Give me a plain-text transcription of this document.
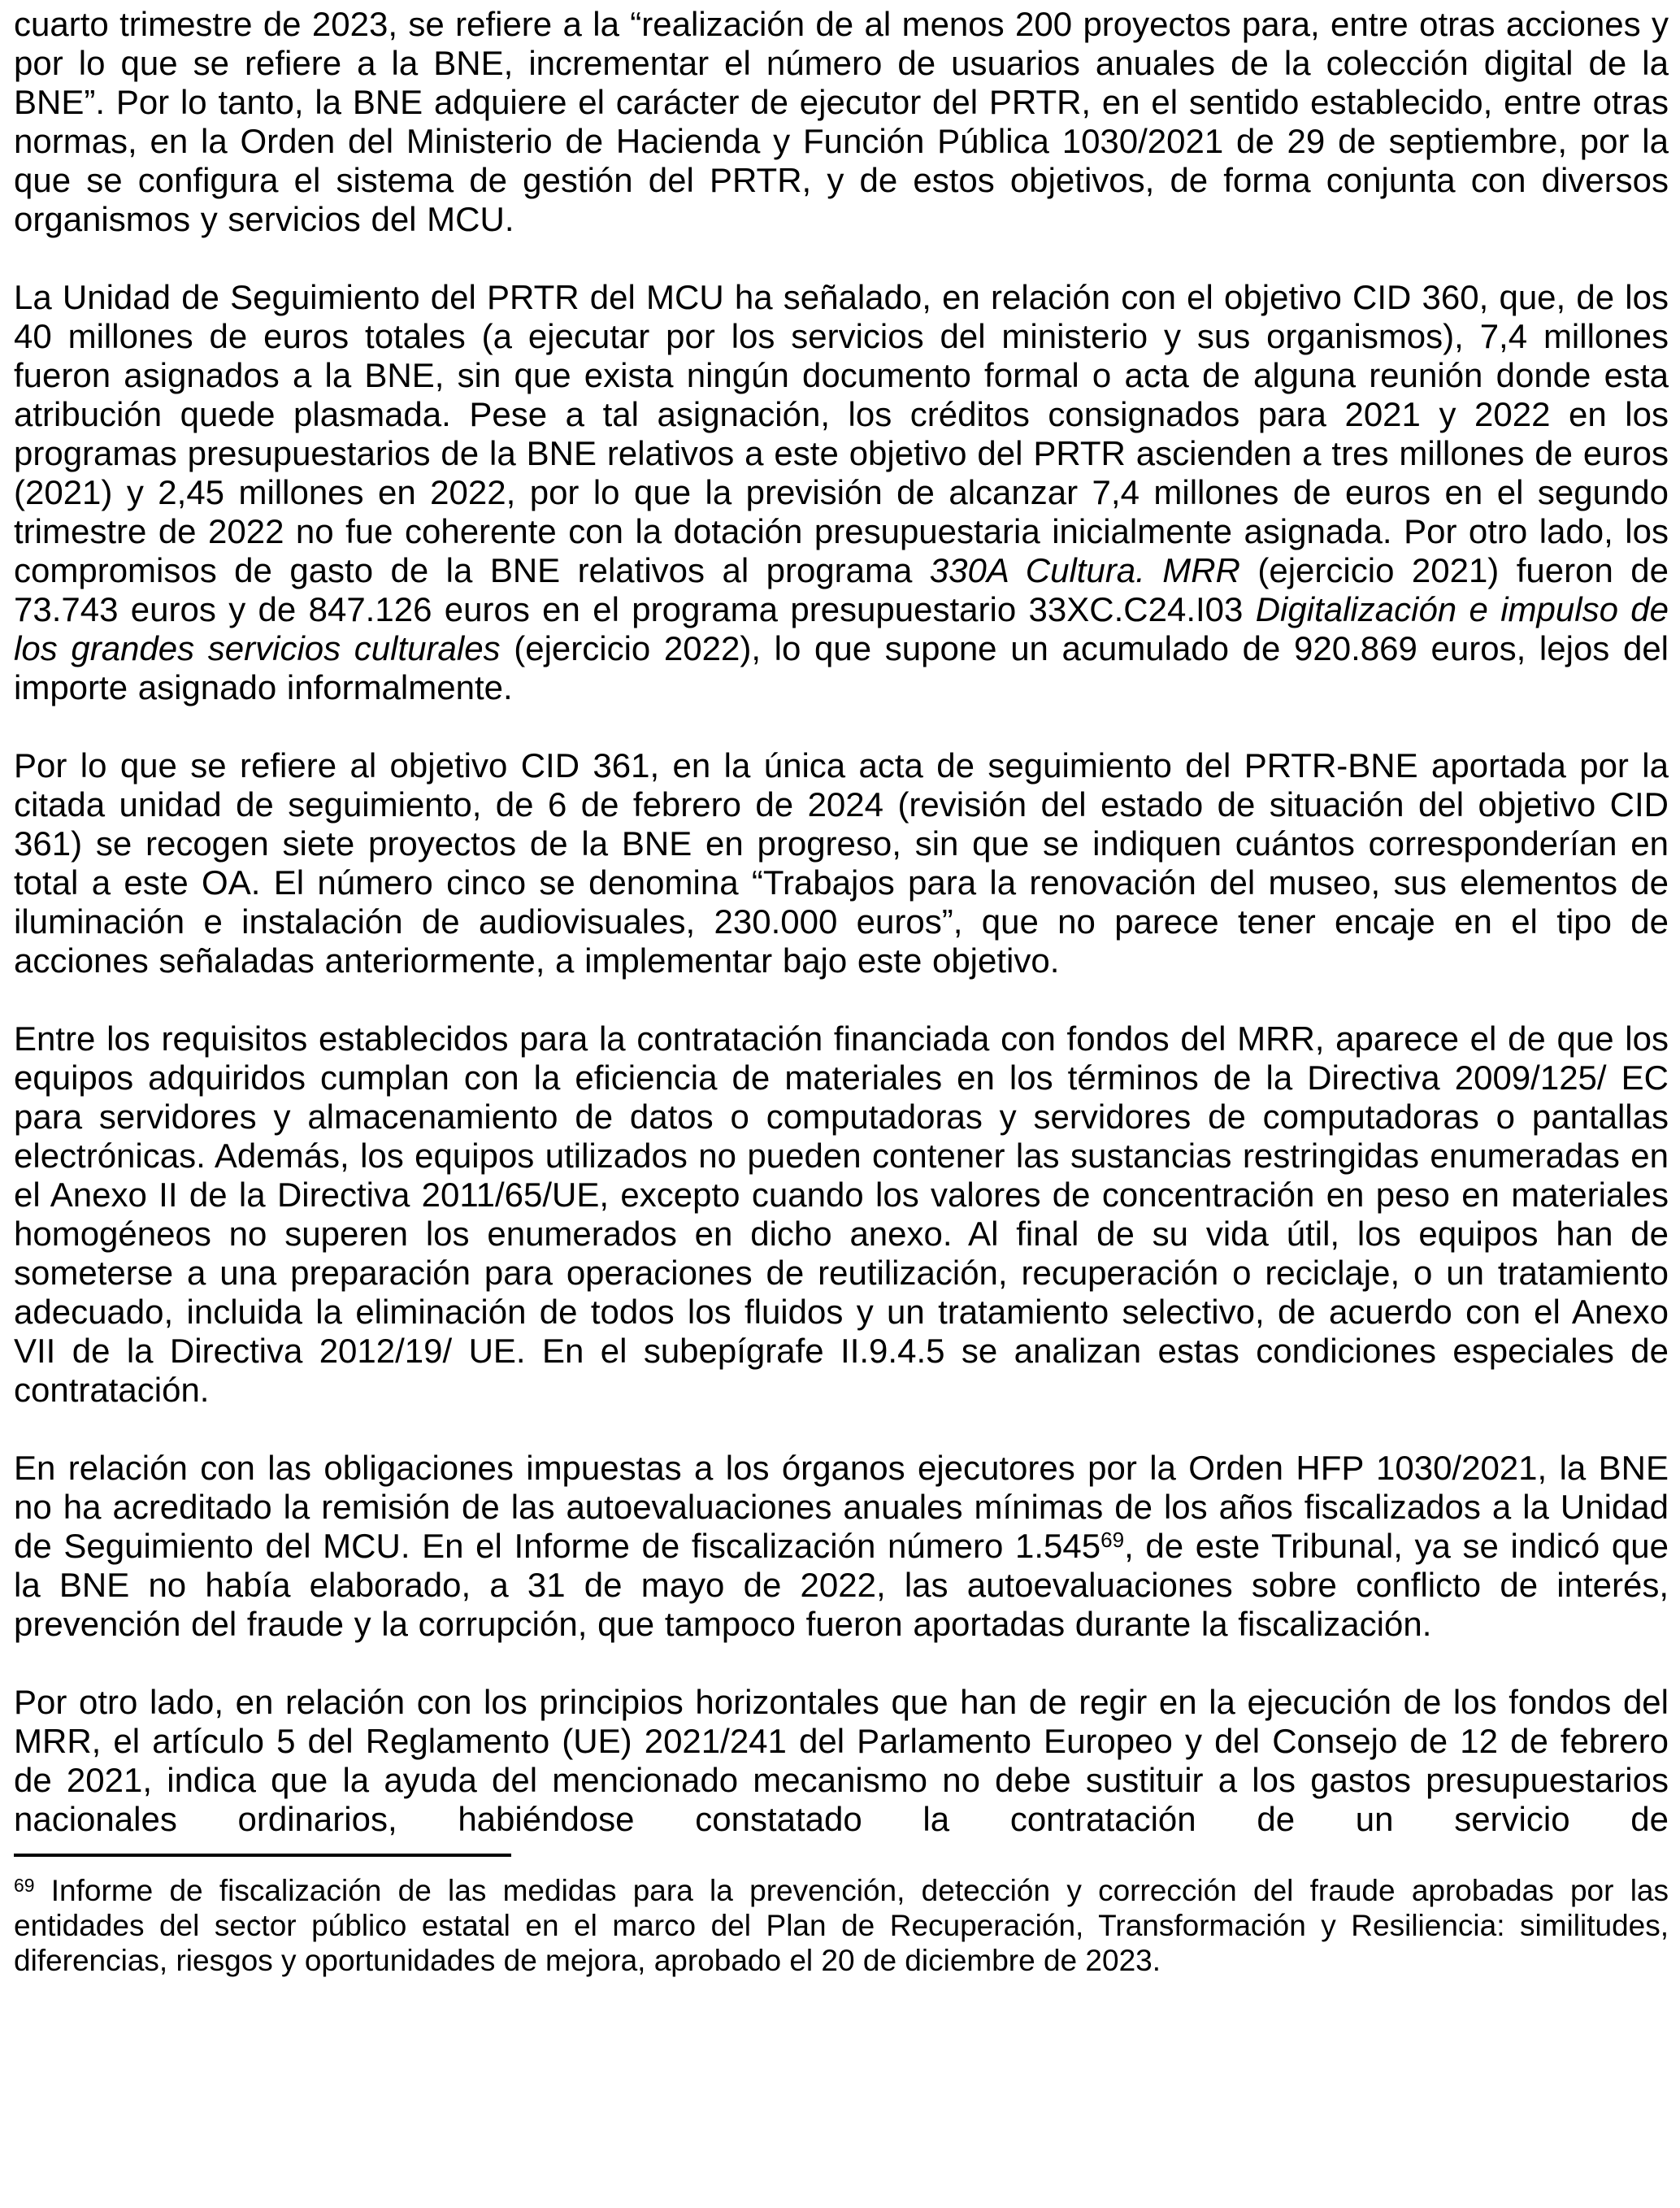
cuarto trimestre de 2023, se refiere a la “realización de al menos 200 proyectos para, entre otras acciones y por lo que se refiere a la BNE, incrementar el número de usuarios anuales de la colección digital de la BNE”. Por lo tanto, la BNE adquiere el carácter de ejecutor del PRTR, en el sentido establecido, entre otras normas, en la Orden del Ministerio de Hacienda y Función Pública 1030/2021 de 29 de septiembre, por la que se configura el sistema de gestión del PRTR, y de estos objetivos, de forma conjunta con diversos organismos y servicios del MCU.

La Unidad de Seguimiento del PRTR del MCU ha señalado, en relación con el objetivo CID 360, que, de los 40 millones de euros totales (a ejecutar por los servicios del ministerio y sus organismos), 7,4 millones fueron asignados a la BNE, sin que exista ningún documento formal o acta de alguna reunión donde esta atribución quede plasmada. Pese a tal asignación, los créditos consignados para 2021 y 2022 en los programas presupuestarios de la BNE relativos a este objetivo del PRTR ascienden a tres millones de euros (2021) y 2,45 millones en 2022, por lo que la previsión de alcanzar 7,4 millones de euros en el segundo trimestre de 2022 no fue coherente con la dotación presupuestaria inicialmente asignada. Por otro lado, los compromisos de gasto de la BNE relativos al programa 330A Cultura. MRR (ejercicio 2021) fueron de 73.743 euros y de 847.126 euros en el programa presupuestario 33XC.C24.I03 Digitalización e impulso de los grandes servicios culturales (ejercicio 2022), lo que supone un acumulado de 920.869 euros, lejos del importe asignado informalmente.

Por lo que se refiere al objetivo CID 361, en la única acta de seguimiento del PRTR-BNE aportada por la citada unidad de seguimiento, de 6 de febrero de 2024 (revisión del estado de situación del objetivo CID 361) se recogen siete proyectos de la BNE en progreso, sin que se indiquen cuántos corresponderían en total a este OA. El número cinco se denomina “Trabajos para la renovación del museo, sus elementos de iluminación e instalación de audiovisuales, 230.000 euros”, que no parece tener encaje en el tipo de acciones señaladas anteriormente, a implementar bajo este objetivo.

Entre los requisitos establecidos para la contratación financiada con fondos del MRR, aparece el de que los equipos adquiridos cumplan con la eficiencia de materiales en los términos de la Directiva 2009/125/ EC para servidores y almacenamiento de datos o computadoras y servidores de computadoras o pantallas electrónicas. Además, los equipos utilizados no pueden contener las sustancias restringidas enumeradas en el Anexo II de la Directiva 2011/65/UE, excepto cuando los valores de concentración en peso en materiales homogéneos no superen los enumerados en dicho anexo. Al final de su vida útil, los equipos han de someterse a una preparación para operaciones de reutilización, recuperación o reciclaje, o un tratamiento adecuado, incluida la eliminación de todos los fluidos y un tratamiento selectivo, de acuerdo con el Anexo VII de la Directiva 2012/19/ UE. En el subepígrafe II.9.4.5 se analizan estas condiciones especiales de contratación.

En relación con las obligaciones impuestas a los órganos ejecutores por la Orden HFP 1030/2021, la BNE no ha acreditado la remisión de las autoevaluaciones anuales mínimas de los años fiscalizados a la Unidad de Seguimiento del MCU. En el Informe de fiscalización número 1.545$^{69}$, de este Tribunal, ya se indicó que la BNE no había elaborado, a 31 de mayo de 2022, las autoevaluaciones sobre conflicto de interés, prevención del fraude y la corrupción, que tampoco fueron aportadas durante la fiscalización.

Por otro lado, en relación con los principios horizontales que han de regir en la ejecución de los fondos del MRR, el artículo 5 del Reglamento (UE) 2021/241 del Parlamento Europeo y del Consejo de 12 de febrero de 2021, indica que la ayuda del mencionado mecanismo no debe sustituir a los gastos presupuestarios nacionales ordinarios, habiéndose constatado la contratación de un servicio de

$^{69}$ Informe de fiscalización de las medidas para la prevención, detección y corrección del fraude aprobadas por las entidades del sector público estatal en el marco del Plan de Recuperación, Transformación y Resiliencia: similitudes, diferencias, riesgos y oportunidades de mejora, aprobado el 20 de diciembre de 2023.
